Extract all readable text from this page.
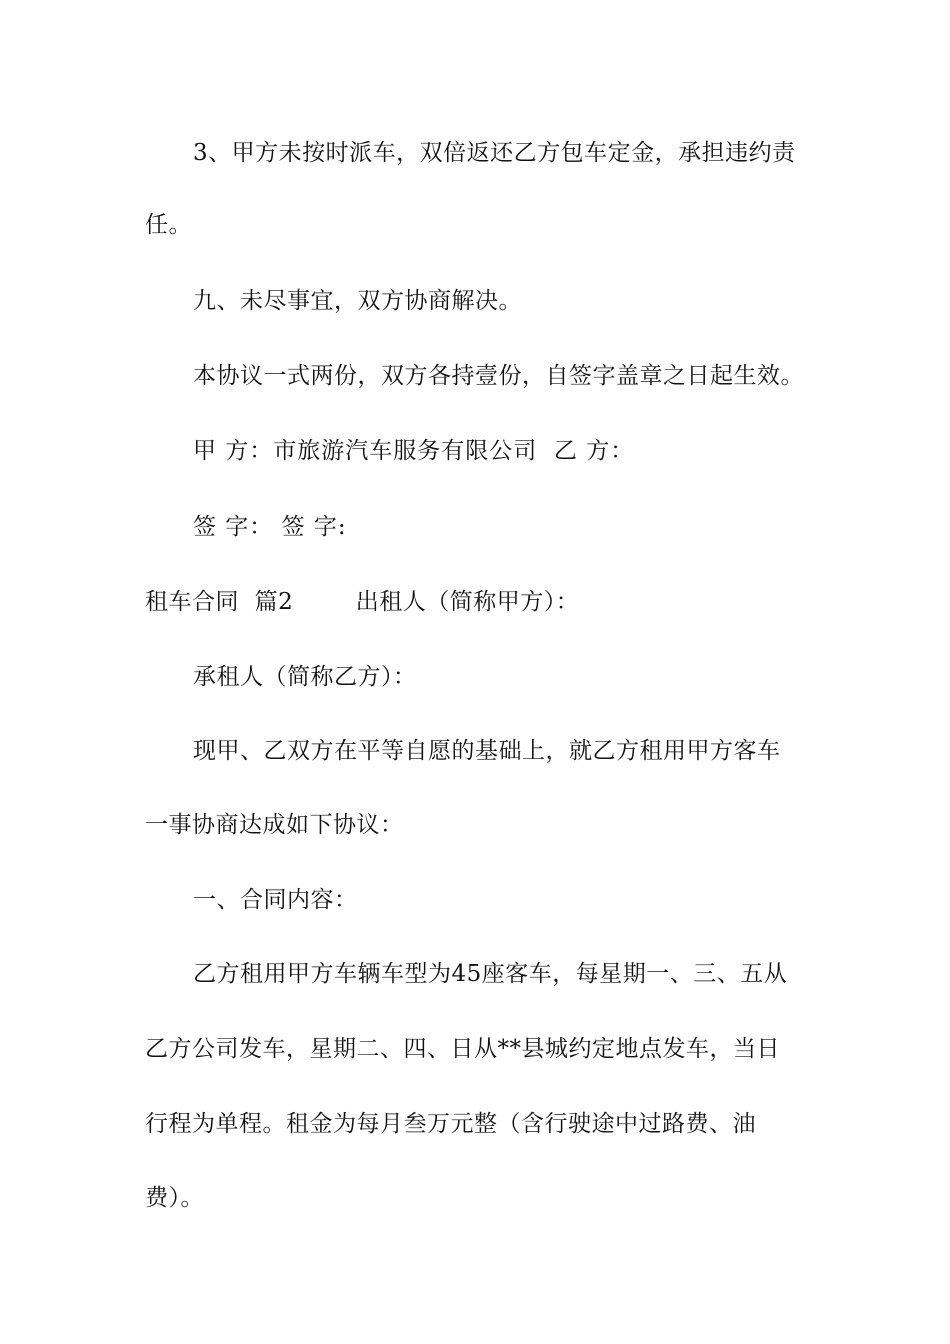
3、甲方未按时派车，双倍返还乙方包车定金，承担违约责
任。
九、未尽事宜，双方协商解决。
本协议一式两份，双方各持壹份，自签字盖章之日起生效。
甲 方：市旅游汽车服务有限公司  乙 方：
签 字： 签 字:
租车合同  篇2        出租人（简称甲方）：
承租人（简称乙方）：
现甲、乙双方在平等自愿的基础上，就乙方租用甲方客车
一事协商达成如下协议：
一、合同内容：
乙方租用甲方车辆车型为45座客车，每星期一、三、五从
乙方公司发车，星期二、四、日从**县城约定地点发车，当日
行程为单程。租金为每月叁万元整（含行驶途中过路费、油
费）。
